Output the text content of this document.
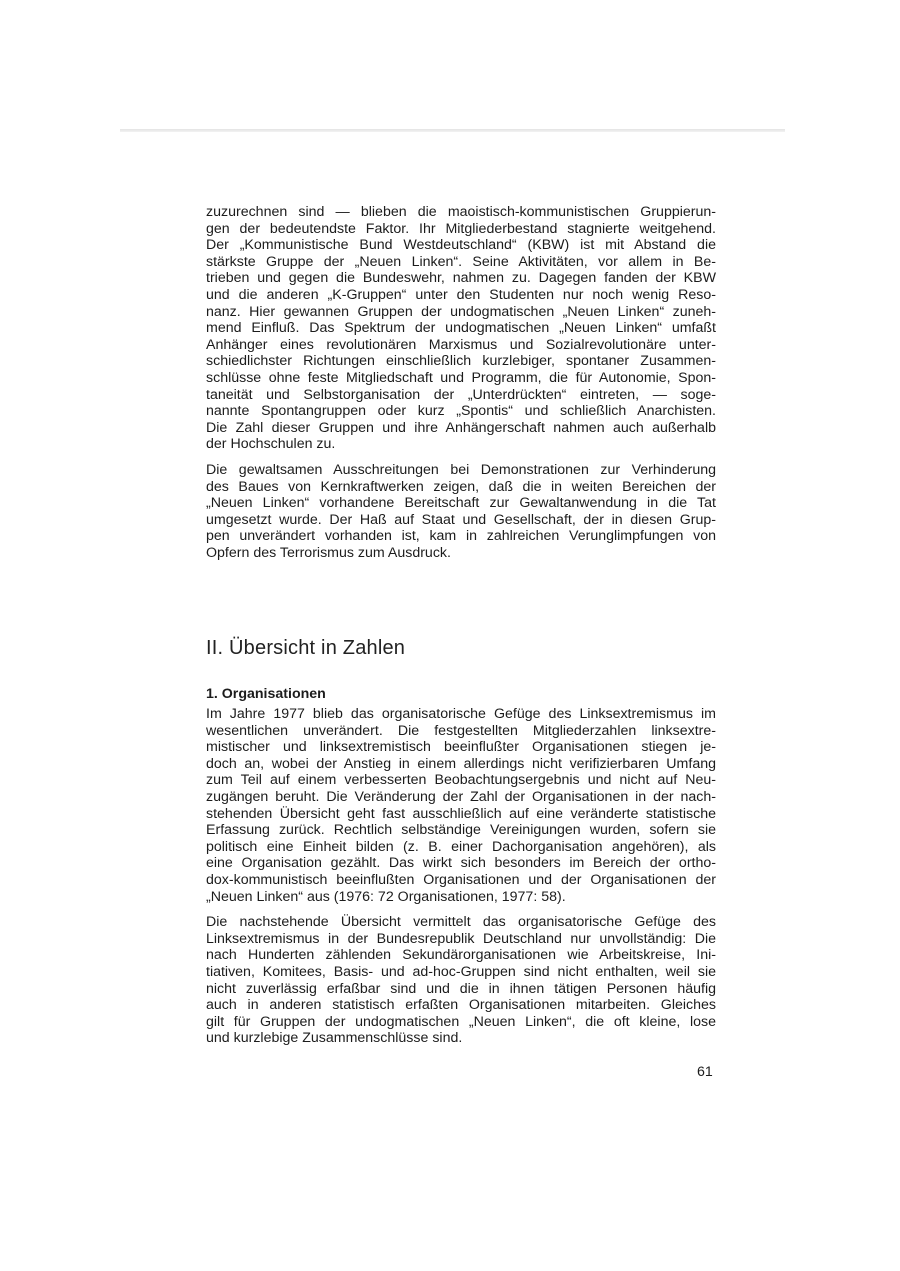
zuzurechnen sind — blieben die maoistisch-kommunistischen Gruppierun-
gen der bedeutendste Faktor. Ihr Mitgliederbestand stagnierte weitgehend.
Der „Kommunistische Bund Westdeutschland“ (KBW) ist mit Abstand die
stärkste Gruppe der „Neuen Linken“. Seine Aktivitäten, vor allem in Be-
trieben und gegen die Bundeswehr, nahmen zu. Dagegen fanden der KBW
und die anderen „K-Gruppen“ unter den Studenten nur noch wenig Reso-
nanz. Hier gewannen Gruppen der undogmatischen „Neuen Linken“ zuneh-
mend Einfluß. Das Spektrum der undogmatischen „Neuen Linken“ umfaßt
Anhänger eines revolutionären Marxismus und Sozialrevolutionäre unter-
schiedlichster Richtungen einschließlich kurzlebiger, spontaner Zusammen-
schlüsse ohne feste Mitgliedschaft und Programm, die für Autonomie, Spon-
taneität und Selbstorganisation der „Unterdrückten“ eintreten, — soge-
nannte Spontangruppen oder kurz „Spontis“ und schließlich Anarchisten.
Die Zahl dieser Gruppen und ihre Anhängerschaft nahmen auch außerhalb
der Hochschulen zu.
Die gewaltsamen Ausschreitungen bei Demonstrationen zur Verhinderung
des Baues von Kernkraftwerken zeigen, daß die in weiten Bereichen der
„Neuen Linken“ vorhandene Bereitschaft zur Gewaltanwendung in die Tat
umgesetzt wurde. Der Haß auf Staat und Gesellschaft, der in diesen Grup-
pen unverändert vorhanden ist, kam in zahlreichen Verunglimpfungen von
Opfern des Terrorismus zum Ausdruck.
II. Übersicht in Zahlen
1. Organisationen
Im Jahre 1977 blieb das organisatorische Gefüge des Linksextremismus im
wesentlichen unverändert. Die festgestellten Mitgliederzahlen linksextre-
mistischer und linksextremistisch beeinflußter Organisationen stiegen je-
doch an, wobei der Anstieg in einem allerdings nicht verifizierbaren Umfang
zum Teil auf einem verbesserten Beobachtungsergebnis und nicht auf Neu-
zugängen beruht. Die Veränderung der Zahl der Organisationen in der nach-
stehenden Übersicht geht fast ausschließlich auf eine veränderte statistische
Erfassung zurück. Rechtlich selbständige Vereinigungen wurden, sofern sie
politisch eine Einheit bilden (z. B. einer Dachorganisation angehören), als
eine Organisation gezählt. Das wirkt sich besonders im Bereich der ortho-
dox-kommunistisch beeinflußten Organisationen und der Organisationen der
„Neuen Linken“ aus (1976: 72 Organisationen, 1977: 58).
Die nachstehende Übersicht vermittelt das organisatorische Gefüge des
Linksextremismus in der Bundesrepublik Deutschland nur unvollständig: Die
nach Hunderten zählenden Sekundärorganisationen wie Arbeitskreise, Ini-
tiativen, Komitees, Basis- und ad-hoc-Gruppen sind nicht enthalten, weil sie
nicht zuverlässig erfaßbar sind und die in ihnen tätigen Personen häufig
auch in anderen statistisch erfaßten Organisationen mitarbeiten. Gleiches
gilt für Gruppen der undogmatischen „Neuen Linken“, die oft kleine, lose
und kurzlebige Zusammenschlüsse sind.
61
